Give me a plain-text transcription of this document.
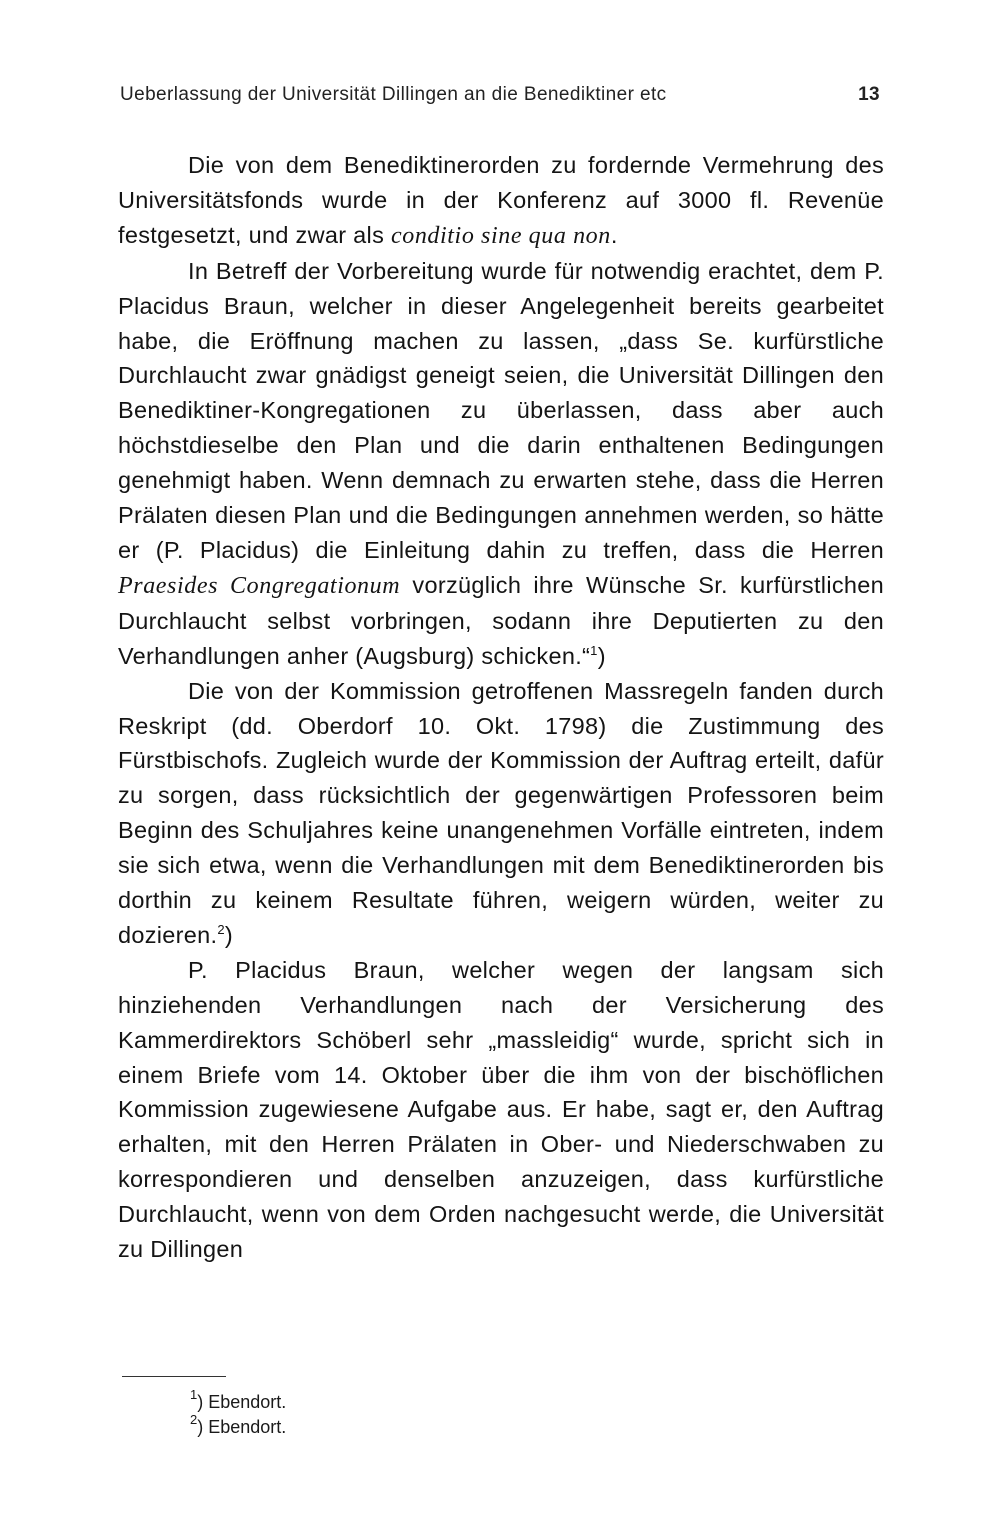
Ueberlassung der Universität Dillingen an die Benediktiner etc	13

Die von dem Benediktinerorden zu fordernde Vermehrung des Universitätsfonds wurde in der Konferenz auf 3000 fl. Revenüe festgesetzt, und zwar als conditio sine qua non.

In Betreff der Vorbereitung wurde für notwendig erachtet, dem P. Placidus Braun, welcher in dieser Angelegenheit bereits gearbeitet habe, die Eröffnung machen zu lassen, „dass Se. kurfürstliche Durchlaucht zwar gnädigst geneigt seien, die Universität Dillingen den Benediktiner-Kongregationen zu überlassen, dass aber auch höchstdieselbe den Plan und die darin enthaltenen Bedingungen genehmigt haben. Wenn demnach zu erwarten stehe, dass die Herren Prälaten diesen Plan und die Bedingungen annehmen werden, so hätte er (P. Placidus) die Einleitung dahin zu treffen, dass die Herren Praesides Congregationum vorzüglich ihre Wünsche Sr. kurfürstlichen Durchlaucht selbst vorbringen, sodann ihre Deputierten zu den Verhandlungen anher (Augsburg) schicken.“$^1$)

Die von der Kommission getroffenen Massregeln fanden durch Reskript (dd. Oberdorf 10. Okt. 1798) die Zustimmung des Fürstbischofs. Zugleich wurde der Kommission der Auftrag erteilt, dafür zu sorgen, dass rücksichtlich der gegenwärtigen Professoren beim Beginn des Schuljahres keine unangenehmen Vorfälle eintreten, indem sie sich etwa, wenn die Verhandlungen mit dem Benediktinerorden bis dorthin zu keinem Resultate führen, weigern würden, weiter zu dozieren.$^2$)

P. Placidus Braun, welcher wegen der langsam sich hinziehenden Verhandlungen nach der Versicherung des Kammerdirektors Schöberl sehr „massleidig“ wurde, spricht sich in einem Briefe vom 14. Oktober über die ihm von der bischöflichen Kommission zugewiesene Aufgabe aus. Er habe, sagt er, den Auftrag erhalten, mit den Herren Prälaten in Ober- und Niederschwaben zu korrespondieren und denselben anzuzeigen, dass kurfürstliche Durchlaucht, wenn von dem Orden nachgesucht werde, die Universität zu Dillingen

$^1$) Ebendort.
$^2$) Ebendort.
